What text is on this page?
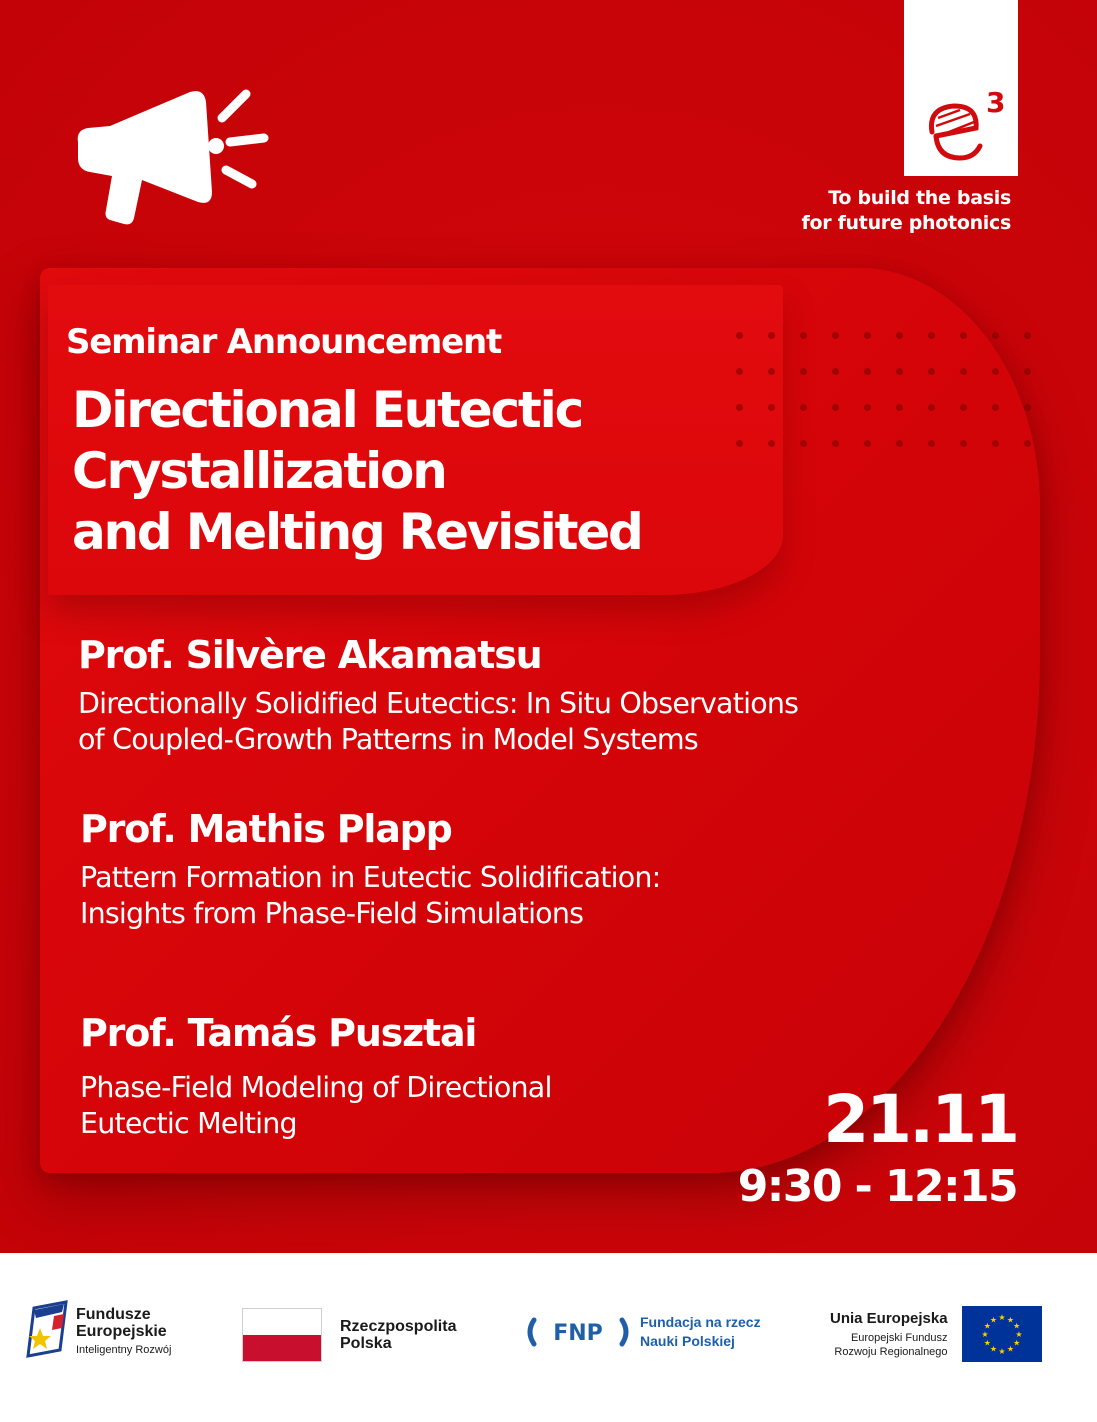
3
To build the basis
for future photonics
Seminar Announcement
Directional Eutectic
Crystallization
and Melting Revisited
Prof. Silvère Akamatsu
Directionally Solidified Eutectics: In Situ Observations
of Coupled-Growth Patterns in Model Systems
Prof. Mathis Plapp
Pattern Formation in Eutectic Solidification:
Insights from Phase-Field Simulations
Prof. Tamás Pusztai
Phase-Field Modeling of Directional
Eutectic Melting	21.11
9:30 - 12:15
Fundusze
Europejskie
Inteligentny Rozwój
Rzeczpospolita
Polska	FNP	Fundacja na rzecz
Nauki Polskiej
Unia Europejska
Europejski Fundusz
Rozwoju Regionalnego
★
★
★
★
★
★
★
★
★ ★ ★
★
